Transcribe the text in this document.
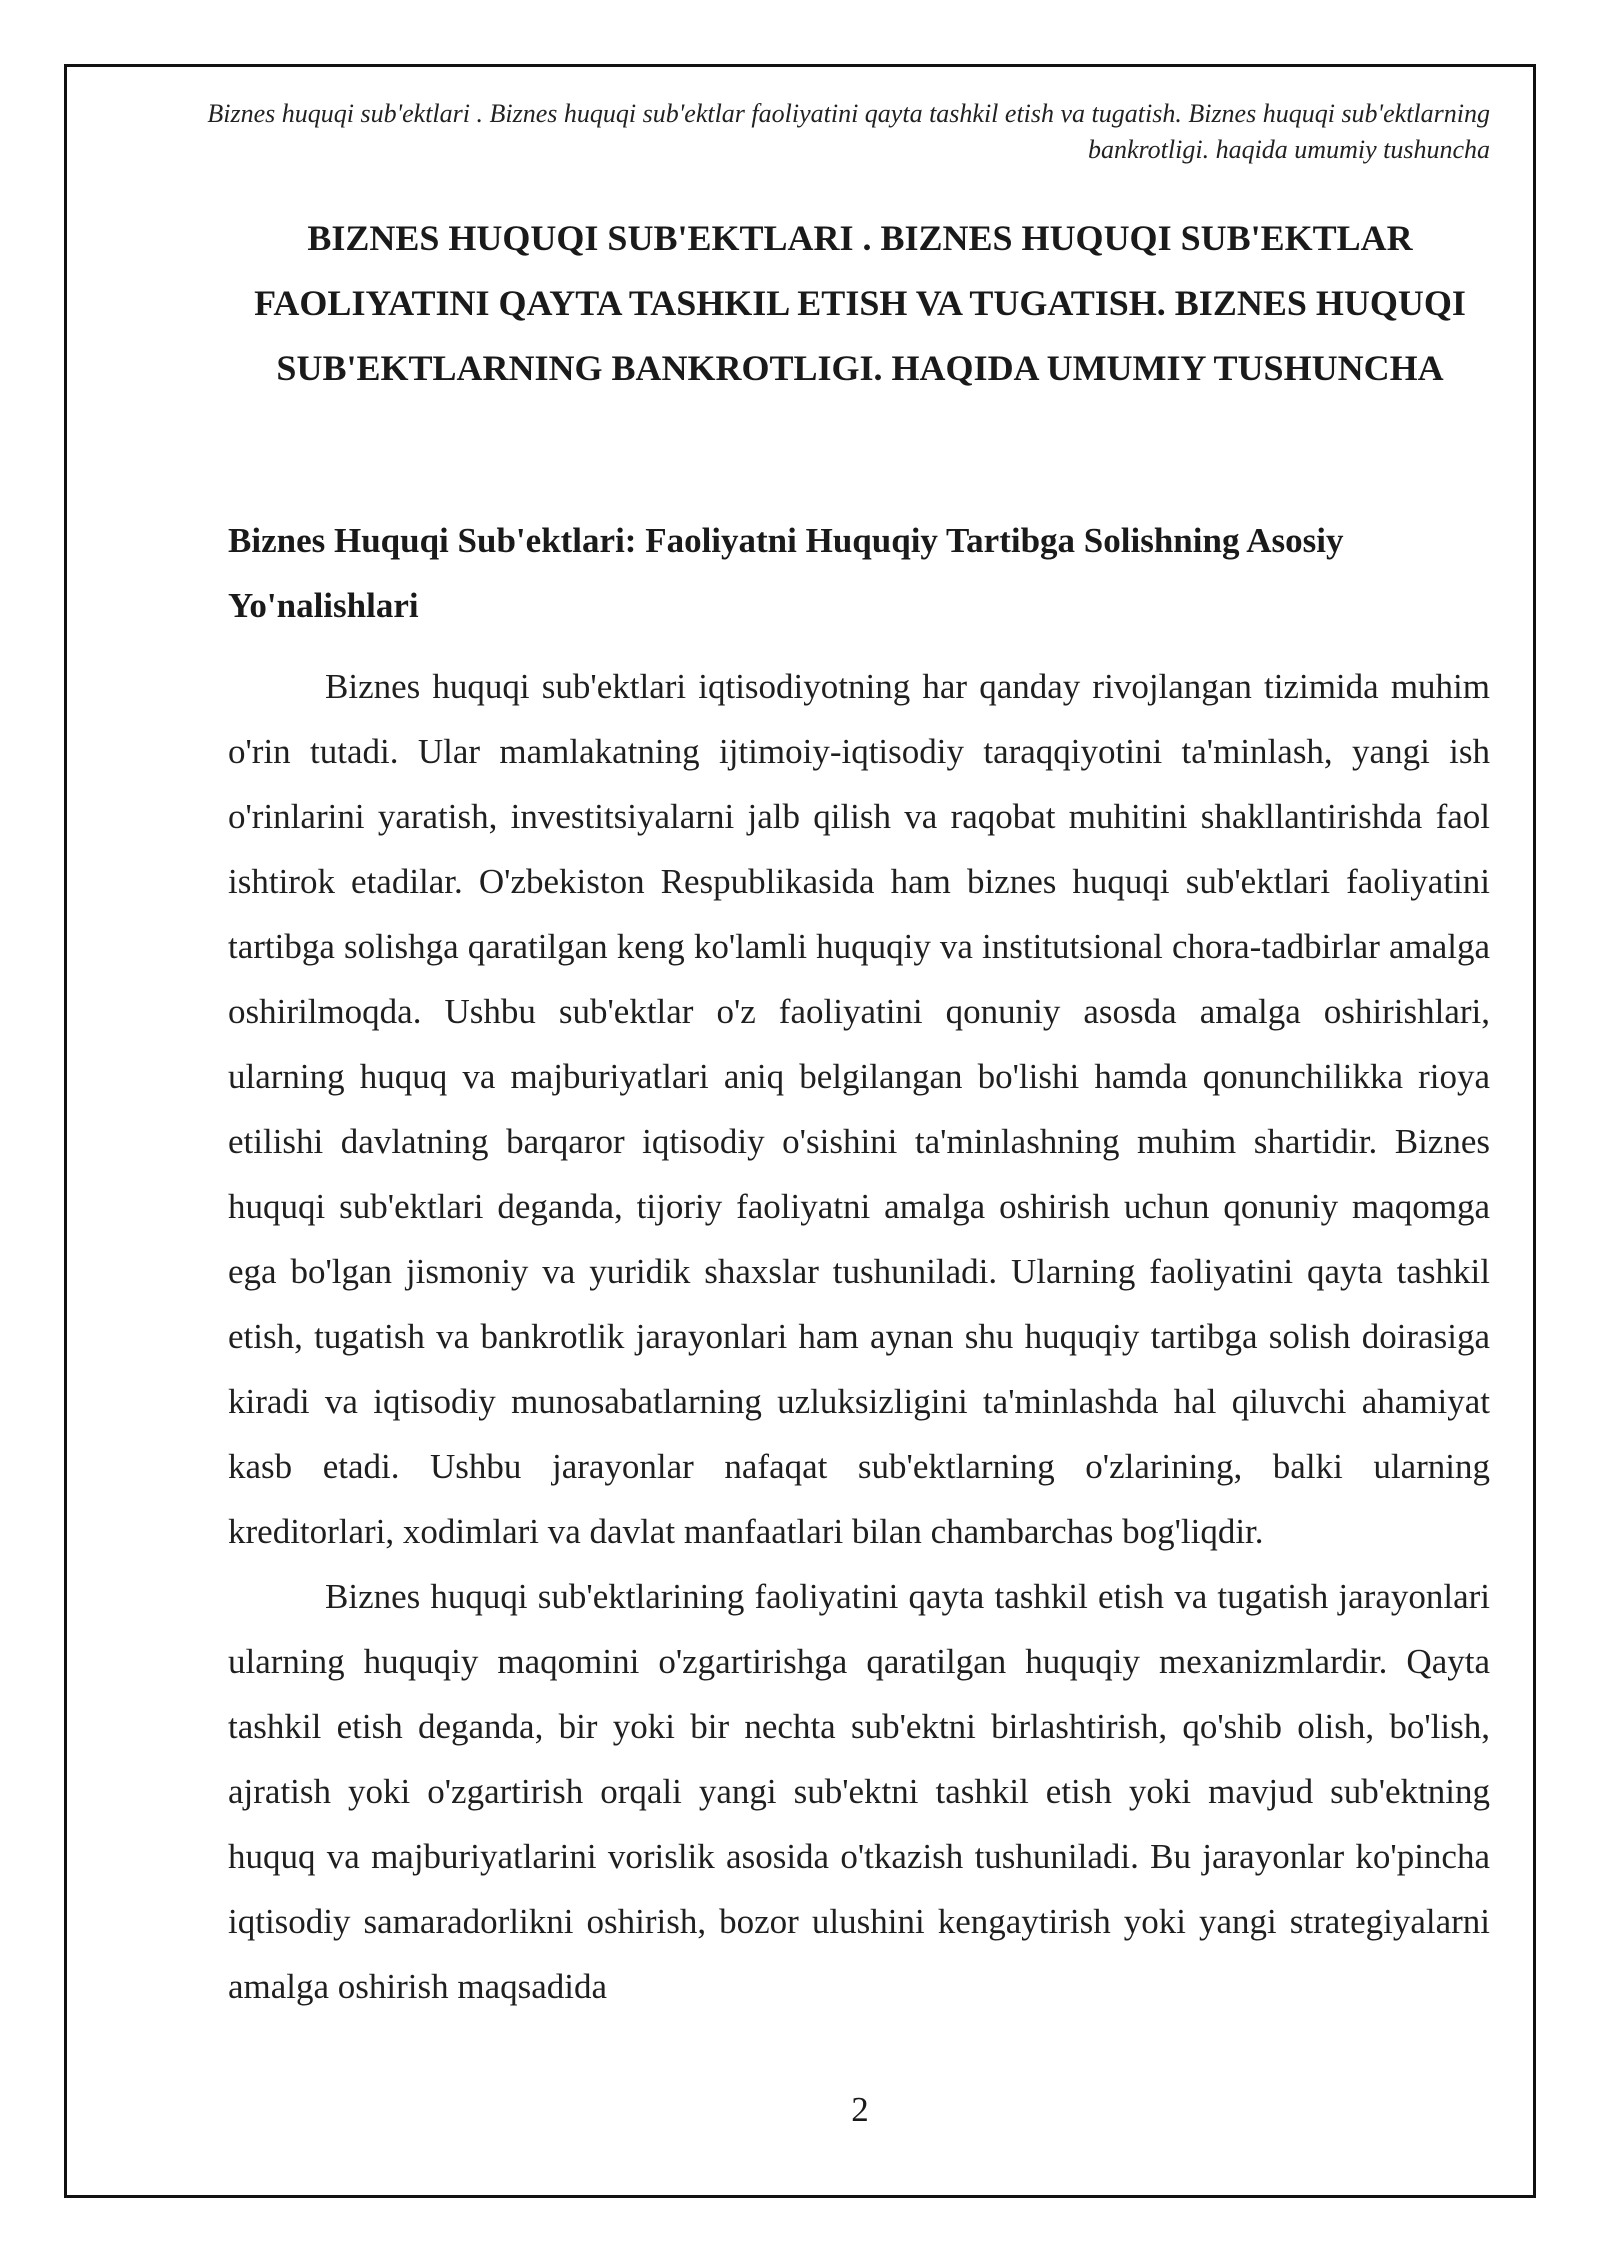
Biznes huquqi sub'ektlari . Biznes huquqi sub'ektlar faoliyatini qayta tashkil etish va tugatish. Biznes huquqi sub'ektlarning bankrotligi. haqida umumiy tushuncha
BIZNES HUQUQI SUB'EKTLARI . BIZNES HUQUQI SUB'EKTLAR FAOLIYATINI QAYTA TASHKIL ETISH VA TUGATISH. BIZNES HUQUQI SUB'EKTLARNING BANKROTLIGI. HAQIDA UMUMIY TUSHUNCHA
Biznes Huquqi Sub'ektlari: Faoliyatni Huquqiy Tartibga Solishning Asosiy Yo'nalishlari

Biznes huquqi sub'ektlari iqtisodiyotning har qanday rivojlangan tizimida muhim o'rin tutadi. Ular mamlakatning ijtimoiy-iqtisodiy taraqqiyotini ta'minlash, yangi ish o'rinlarini yaratish, investitsiyalarni jalb qilish va raqobat muhitini shakllantirishda faol ishtirok etadilar. O'zbekiston Respublikasida ham biznes huquqi sub'ektlari faoliyatini tartibga solishga qaratilgan keng ko'lamli huquqiy va institutsional chora-tadbirlar amalga oshirilmoqda. Ushbu sub'ektlar o'z faoliyatini qonuniy asosda amalga oshirishlari, ularning huquq va majburiyatlari aniq belgilangan bo'lishi hamda qonunchilikka rioya etilishi davlatning barqaror iqtisodiy o'sishini ta'minlashning muhim shartidir. Biznes huquqi sub'ektlari deganda, tijoriy faoliyatni amalga oshirish uchun qonuniy maqomga ega bo'lgan jismoniy va yuridik shaxslar tushuniladi. Ularning faoliyatini qayta tashkil etish, tugatish va bankrotlik jarayonlari ham aynan shu huquqiy tartibga solish doirasiga kiradi va iqtisodiy munosabatlarning uzluksizligini ta'minlashda hal qiluvchi ahamiyat kasb etadi. Ushbu jarayonlar nafaqat sub'ektlarning o'zlarining, balki ularning kreditorlari, xodimlari va davlat manfaatlari bilan chambarchas bog'liqdir.

Biznes huquqi sub'ektlarining faoliyatini qayta tashkil etish va tugatish jarayonlari ularning huquqiy maqomini o'zgartirishga qaratilgan huquqiy mexanizmlardir. Qayta tashkil etish deganda, bir yoki bir nechta sub'ektni birlashtirish, qo'shib olish, bo'lish, ajratish yoki o'zgartirish orqali yangi sub'ektni tashkil etish yoki mavjud sub'ektning huquq va majburiyatlarini vorislik asosida o'tkazish tushuniladi. Bu jarayonlar ko'pincha iqtisodiy samaradorlikni oshirish, bozor ulushini kengaytirish yoki yangi strategiyalarni amalga oshirish maqsadida

2
